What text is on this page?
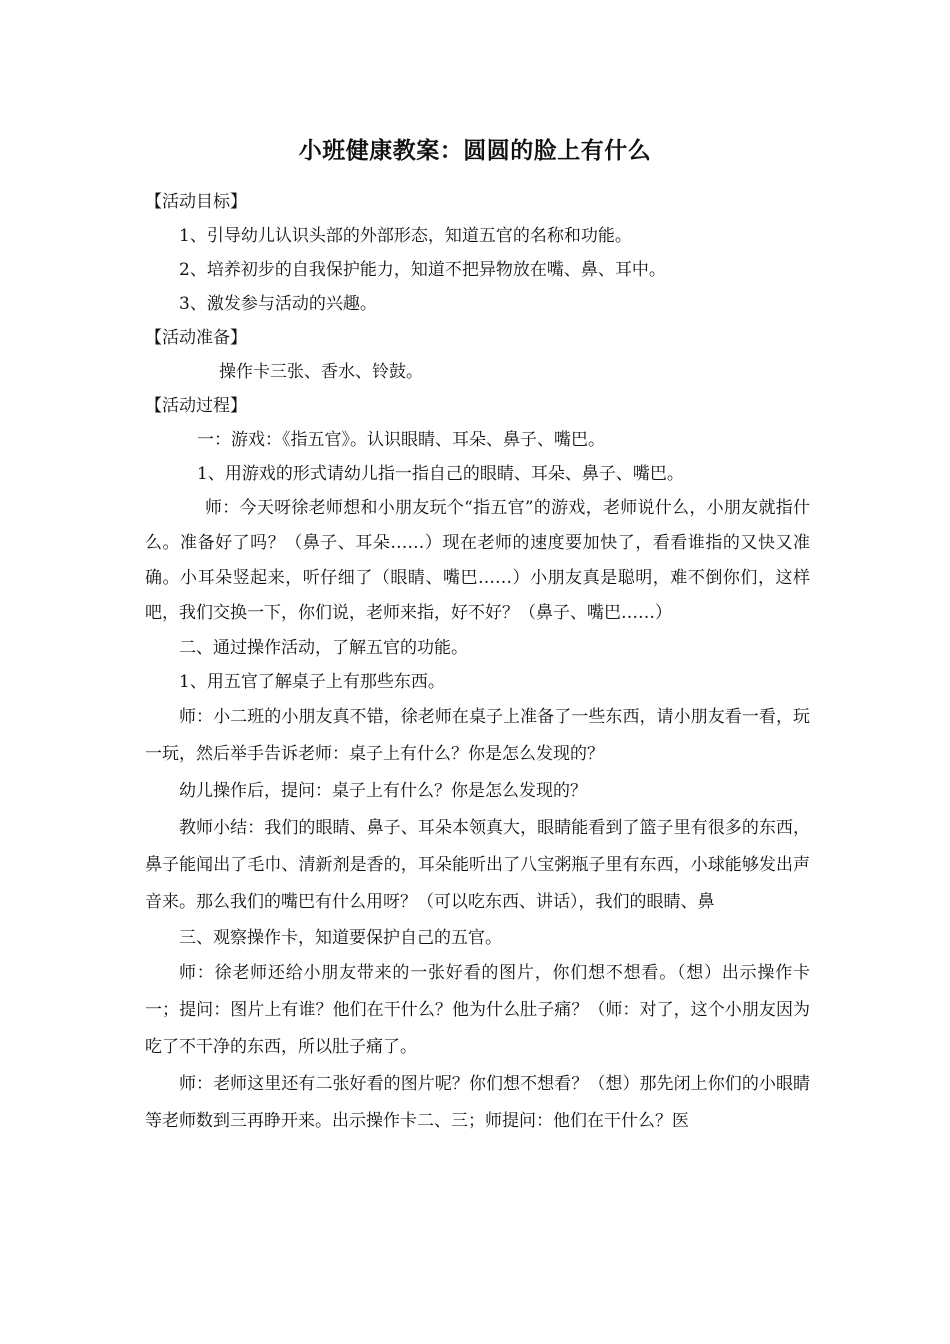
小班健康教案：圆圆的脸上有什么
【活动目标】
1、引导幼儿认识头部的外部形态，知道五官的名称和功能。
2、培养初步的自我保护能力，知道不把异物放在嘴、鼻、耳中。
3、激发参与活动的兴趣。
【活动准备】
操作卡三张、香水、铃鼓。
【活动过程】
一：游戏：《指五官》。认识眼睛、耳朵、鼻子、嘴巴。
1、用游戏的形式请幼儿指一指自己的眼睛、耳朵、鼻子、嘴巴。
师：今天呀徐老师想和小朋友玩个“指五官”的游戏，老师说什么，小朋友就指什么。准备好了吗？（鼻子、耳朵……）现在老师的速度要加快了，看看谁指的又快又准确。小耳朵竖起来，听仔细了（眼睛、嘴巴……）小朋友真是聪明，难不倒你们，这样吧，我们交换一下，你们说，老师来指，好不好？（鼻子、嘴巴……）
二、通过操作活动，了解五官的功能。
1、用五官了解桌子上有那些东西。
师：小二班的小朋友真不错，徐老师在桌子上准备了一些东西，请小朋友看一看，玩一玩，然后举手告诉老师：桌子上有什么？你是怎么发现的？
幼儿操作后，提问：桌子上有什么？你是怎么发现的？
教师小结：我们的眼睛、鼻子、耳朵本领真大，眼睛能看到了篮子里有很多的东西，鼻子能闻出了毛巾、清新剂是香的，耳朵能听出了八宝粥瓶子里有东西，小球能够发出声音来。那么我们的嘴巴有什么用呀？（可以吃东西、讲话），我们的眼睛、鼻
三、观察操作卡，知道要保护自己的五官。
师：徐老师还给小朋友带来的一张好看的图片，你们想不想看。（想）出示操作卡一；提问：图片上有谁？他们在干什么？他为什么肚子痛？（师：对了，这个小朋友因为吃了不干净的东西，所以肚子痛了。
师：老师这里还有二张好看的图片呢？你们想不想看？（想）那先闭上你们的小眼睛等老师数到三再睁开来。出示操作卡二、三；师提问：他们在干什么？医
